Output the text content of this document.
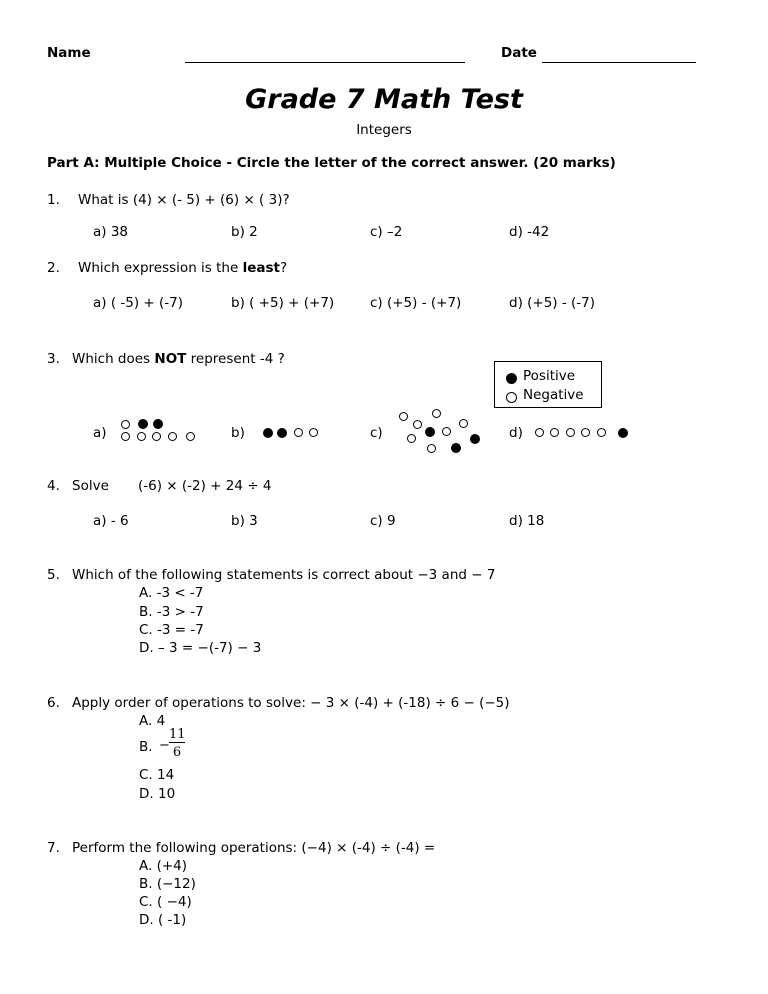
Name	Date
Grade 7 Math Test
Integers
Part A: Multiple Choice - Circle the letter of the correct answer. (20 marks)
1. What is (4) × (- 5) + (6) × ( 3)?
a) 38	b) 2	c) –2	d) -42
2. Which expression is the least?
a) ( -5) + (-7)	b) ( +5) + (+7)	c) (+5) - (+7)	d) (+5) - (-7)
3. Which does NOT represent -4 ?
Positive
Negative
a)	b)	c)	d)
4. Solve (-6) × (-2) + 24 ÷ 4
a) - 6	b) 3	c) 9	d) 18
5. Which of the following statements is correct about −3 and − 7
A. -3 < -7
B. -3 > -7
C. -3 = -7
D. – 3 = −(-7) − 3
6. Apply order of operations to solve: − 3 × (-4) + (-18) ÷ 6 − (−5)
A. 4
B. −
11
6
C. 14
D. 10
7. Perform the following operations: (−4) × (-4) ÷ (-4) =
A. (+4)
B. (−12)
C. ( −4)
D. ( -1)
